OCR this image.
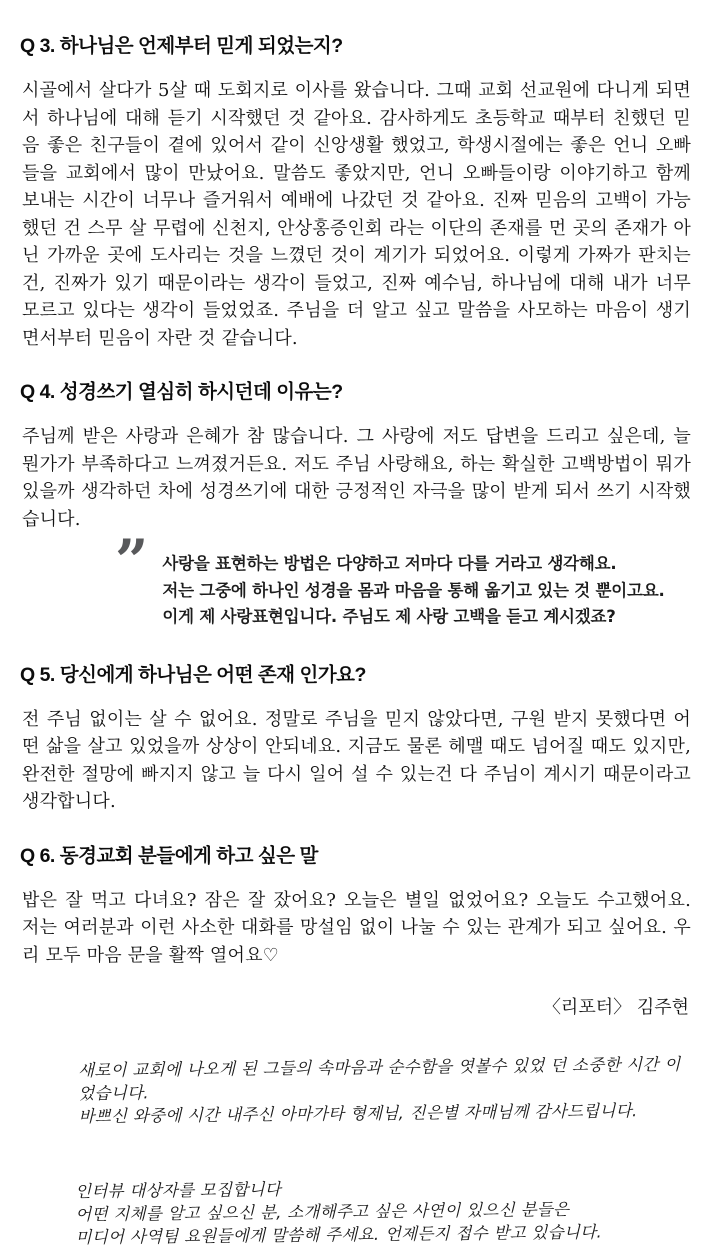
Q 3. 하나님은 언제부터 믿게 되었는지?

시골에서 살다가 5살 때 도회지로 이사를 왔습니다. 그때 교회 선교원에 다니게 되면서 하나님에 대해 듣기 시작했던 것 같아요. 감사하게도 초등학교 때부터 친했던 믿음 좋은 친구들이 곁에 있어서 같이 신앙생활 했었고, 학생시절에는 좋은 언니 오빠들을 교회에서 많이 만났어요. 말씀도 좋았지만, 언니 오빠들이랑 이야기하고 함께 보내는 시간이 너무나 즐거워서 예배에 나갔던 것 같아요. 진짜 믿음의 고백이 가능했던 건 스무 살 무렵에 신천지, 안상홍증인회 라는 이단의 존재를 먼 곳의 존재가 아닌 가까운 곳에 도사리는 것을 느꼈던 것이 계기가 되었어요. 이렇게 가짜가 판치는 건, 진짜가 있기 때문이라는 생각이 들었고, 진짜 예수님, 하나님에 대해 내가 너무 모르고 있다는 생각이 들었었죠. 주님을 더 알고 싶고 말씀을 사모하는 마음이 생기면서부터 믿음이 자란 것 같습니다.

Q 4. 성경쓰기 열심히 하시던데 이유는?

주님께 받은 사랑과 은혜가 참 많습니다. 그 사랑에 저도 답변을 드리고 싶은데, 늘 뭔가가 부족하다고 느껴졌거든요. 저도 주님 사랑해요, 하는 확실한 고백방법이 뭐가 있을까 생각하던 차에 성경쓰기에 대한 긍정적인 자극을 많이 받게 되서 쓰기 시작했습니다.

” 사랑을 표현하는 방법은 다양하고 저마다 다를 거라고 생각해요.
저는 그중에 하나인 성경을 몸과 마음을 통해 옮기고 있는 것 뿐이고요.
이게 제 사랑표현입니다. 주님도 제 사랑 고백을 듣고 계시겠죠?
Q 5. 당신에게 하나님은 어떤 존재 인가요?

전 주님 없이는 살 수 없어요. 정말로 주님을 믿지 않았다면, 구원 받지 못했다면 어떤 삶을 살고 있었을까 상상이 안되네요. 지금도 물론 헤맬 때도 넘어질 때도 있지만, 완전한 절망에 빠지지 않고 늘 다시 일어 설 수 있는건 다 주님이 계시기 때문이라고 생각합니다.

Q 6. 동경교회 분들에게 하고 싶은 말

밥은 잘 먹고 다녀요? 잠은 잘 잤어요? 오늘은 별일 없었어요? 오늘도 수고했어요. 저는 여러분과 이런 사소한 대화를 망설임 없이 나눌 수 있는 관계가 되고 싶어요. 우리 모두 마음 문을 활짝 열어요♡

〈리포터〉 김주현
새로이 교회에 나오게 된 그들의 속마음과 순수함을 엿볼수 있었 던 소중한 시간 이었습니다.
바쁘신 와중에 시간 내주신 아마가타 형제님, 진은별 자매님께 감사드립니다.
인터뷰 대상자를 모집합니다
어떤 지체를 알고 싶으신 분, 소개해주고 싶은 사연이 있으신 분들은
미디어 사역팀 요원들에게 말씀해 주세요. 언제든지 접수 받고 있습니다.
